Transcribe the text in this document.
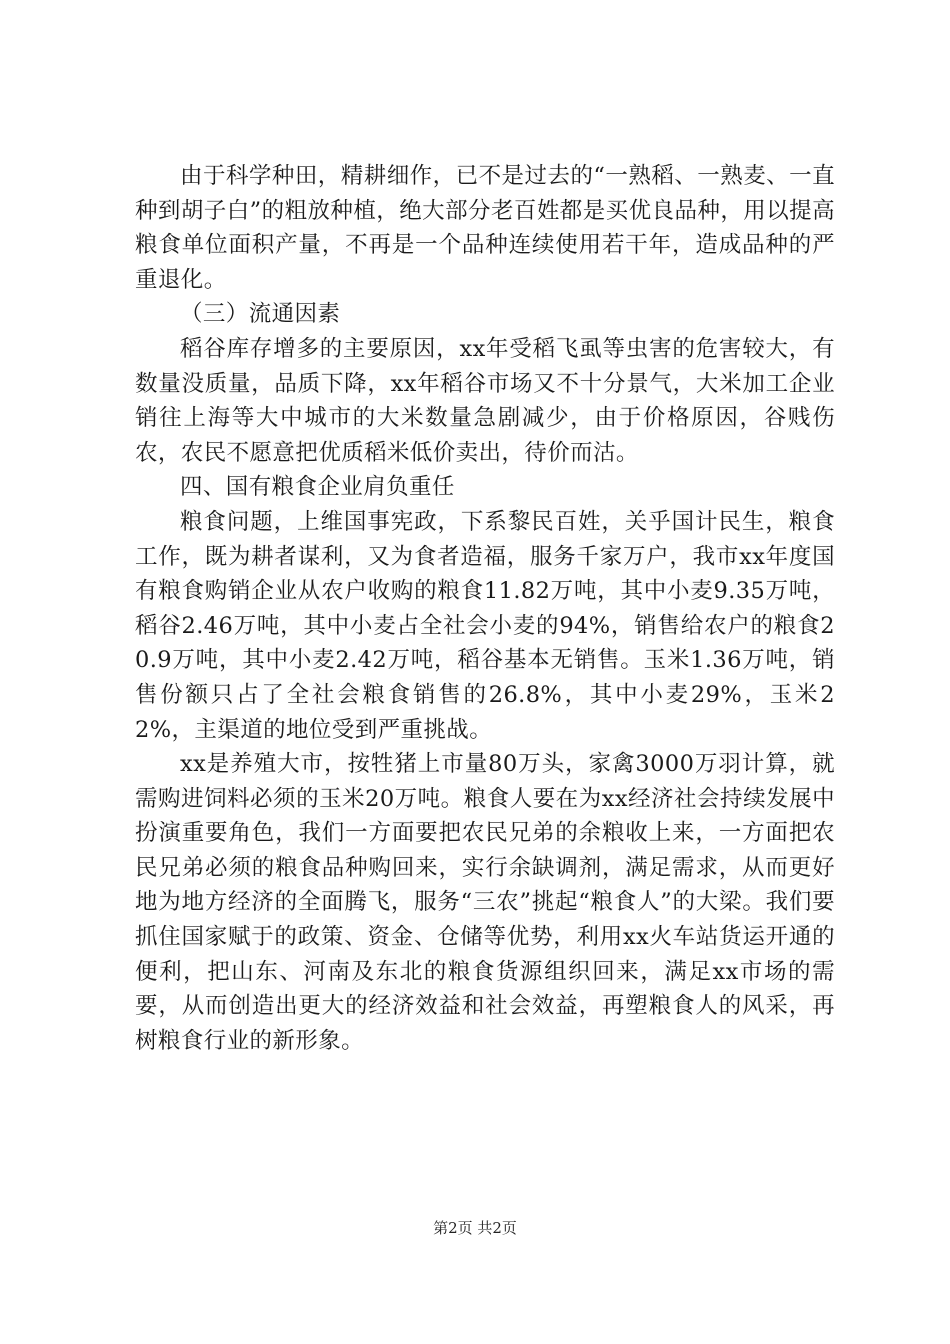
由于科学种田，精耕细作，已不是过去的“一熟稻、一熟麦、一直种到胡子白”的粗放种植，绝大部分老百姓都是买优良品种，用以提高粮食单位面积产量，不再是一个品种连续使用若干年，造成品种的严重退化。

（三）流通因素

稻谷库存增多的主要原因，xx年受稻飞虱等虫害的危害较大，有数量没质量，品质下降，xx年稻谷市场又不十分景气，大米加工企业销往上海等大中城市的大米数量急剧减少，由于价格原因，谷贱伤农，农民不愿意把优质稻米低价卖出，待价而沽。

四、国有粮食企业肩负重任

粮食问题，上维国事宪政，下系黎民百姓，关乎国计民生，粮食工作，既为耕者谋利，又为食者造福，服务千家万户，我市xx年度国有粮食购销企业从农户收购的粮食11.82万吨，其中小麦9.35万吨，稻谷2.46万吨，其中小麦占全社会小麦的94%，销售给农户的粮食20.9万吨，其中小麦2.42万吨，稻谷基本无销售。玉米1.36万吨，销售份额只占了全社会粮食销售的26.8%，其中小麦29%，玉米22%，主渠道的地位受到严重挑战。

xx是养殖大市，按牲猪上市量80万头，家禽3000万羽计算，就需购进饲料必须的玉米20万吨。粮食人要在为xx经济社会持续发展中扮演重要角色，我们一方面要把农民兄弟的余粮收上来，一方面把农民兄弟必须的粮食品种购回来，实行余缺调剂，满足需求，从而更好地为地方经济的全面腾飞，服务“三农”挑起“粮食人”的大梁。我们要抓住国家赋于的政策、资金、仓储等优势，利用xx火车站货运开通的便利，把山东、河南及东北的粮食货源组织回来，满足xx市场的需要，从而创造出更大的经济效益和社会效益，再塑粮食人的风采，再树粮食行业的新形象。

第2页 共2页
